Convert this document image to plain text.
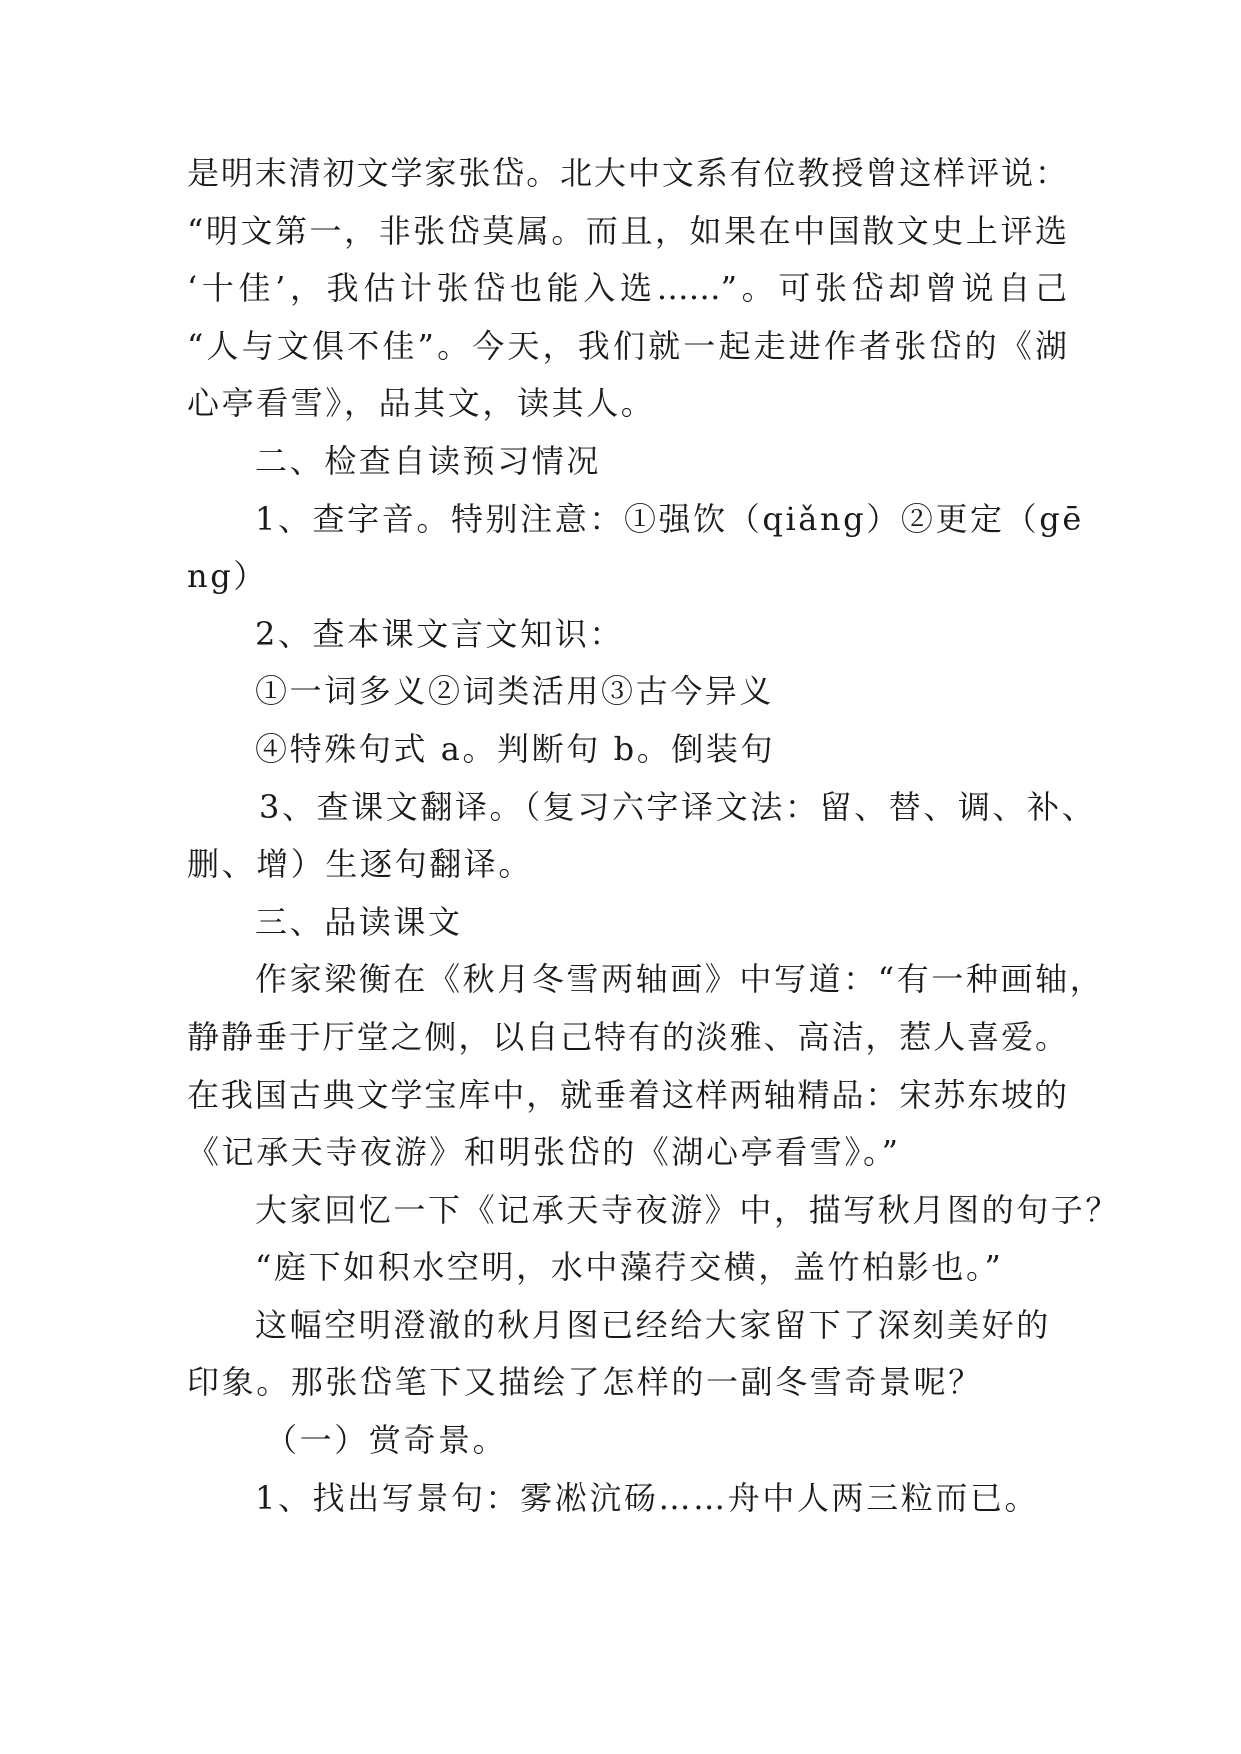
是明末清初文学家张岱。北大中文系有位教授曾这样评说：
“明文第一，非张岱莫属。而且，如果在中国散文史上评选
‘十佳’，我估计张岱也能入选……”。可张岱却曾说自己
“人与文俱不佳”。今天，我们就一起走进作者张岱的《湖
心亭看雪》，品其文，读其人。
二、检查自读预习情况
1、查字音。特别注意：①强饮（qiǎng）②更定（gē
ng）
2、查本课文言文知识：
①一词多义②词类活用③古今异义
④特殊句式 a。判断句 b。倒装句
3、查课文翻译。（复习六字译文法：留、替、调、补、
删、增）生逐句翻译。
三、品读课文
作家梁衡在《秋月冬雪两轴画》中写道：“有一种画轴，
静静垂于厅堂之侧，以自己特有的淡雅、高洁，惹人喜爱。
在我国古典文学宝库中，就垂着这样两轴精品：宋苏东坡的
《记承天寺夜游》和明张岱的《湖心亭看雪》。”
大家回忆一下《记承天寺夜游》中，描写秋月图的句子？
“庭下如积水空明，水中藻荇交横，盖竹柏影也。”
这幅空明澄澈的秋月图已经给大家留下了深刻美好的
印象。那张岱笔下又描绘了怎样的一副冬雪奇景呢？
（一）赏奇景。
1、找出写景句：雾凇沆砀……舟中人两三粒而已。
